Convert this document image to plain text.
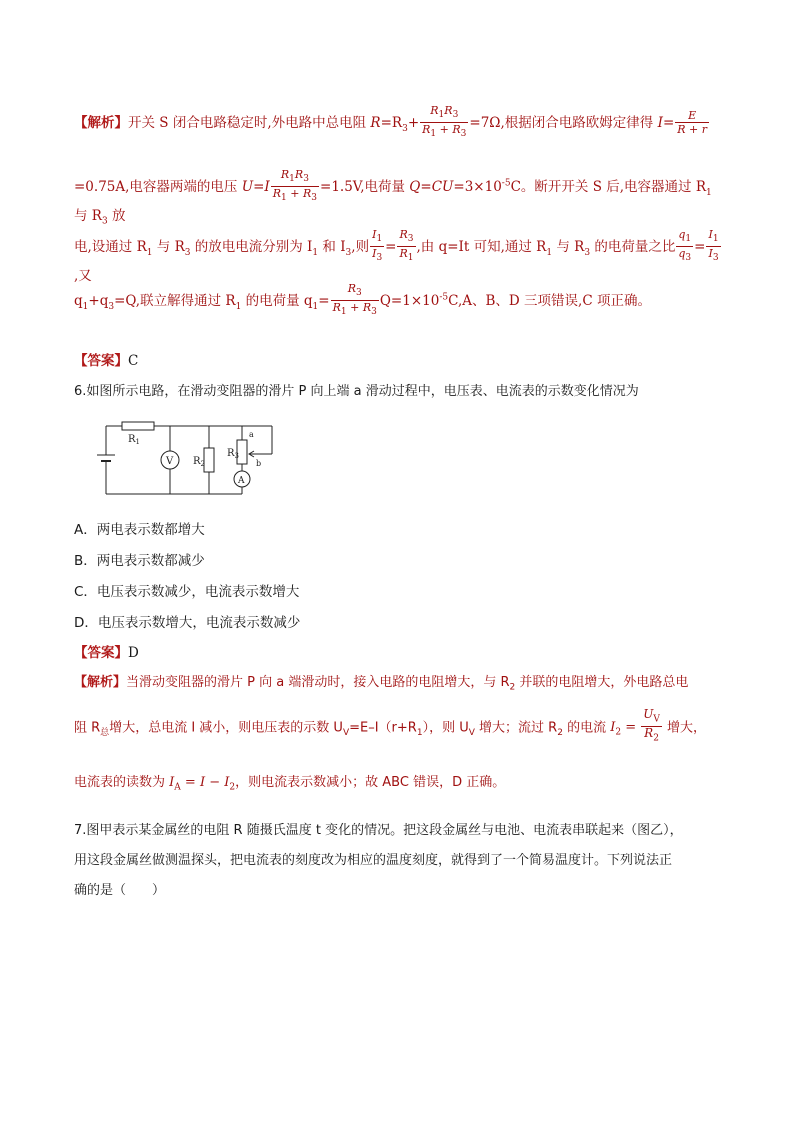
【解析】开关 S 闭合电路稳定时,外电路中总电阻 $R=R_3+ \frac{R_1R_3}{R_1 + R_3} =7\Omega$,根据闭合电路欧姆定律得 $I= \frac{E}{R + r}$
=0.75A,电容器两端的电压 $U=I \frac{R_1R_3}{R_1 + R_3} =1.5V$,电荷量 $Q=CU=3\times 10^{-5}C$。断开开关 S 后,电容器通过 $R_1$ 与 $R_3$ 放
电,设通过 $R_1$ 与 $R_3$ 的放电电流分别为 $I_1$ 和 $I_3$,则 $\frac{I_1}{I_3} = \frac{R_3}{R_1}$ ,由 q=It 可知,通过 $R_1$ 与 $R_3$ 的电荷量之比 $\frac{q_1}{q_3} = \frac{I_1}{I_3}$
,又
$q_1+q_3=Q$,联立解得通过 $R_1$ 的电荷量 $q_1= \frac{R_3}{R_1 + R_3} Q=1\times 10^{-5}C,A$、B、D 三项错误,C 项正确。
【答案】C
6.如图所示电路，在滑动变阻器的滑片 P 向上端 a 滑动过程中，电压表、电流表的示数变化情况为
$R_1$
V $R_2$
$R_3$
A
a
b
A．两电表示数都增大
B．两电表示数都减少
C．电压表示数减少，电流表示数增大
D．电压表示数增大，电流表示数减少
【答案】D
【解析】当滑动变阻器的滑片 P 向 a 端滑动时，接入电路的电阻增大，与 $R_2$ 并联的电阻增大，外电路总电
阻 $R_总$增大，总电流 I 减小，则电压表的示数 $U_V=E-I(r+R_1)$，则 $U_V$ 增大；流过 $R_2$ 的电流 $I_2 = \frac{U_V}{R_2}$ 增大，
电流表的读数为 $I_A = I - I_2$，则电流表示数减小；故 ABC 错误，D 正确。
7.图甲表示某金属丝的电阻 R 随摄氏温度 t 变化的情况。把这段金属丝与电池、电流表串联起来（图乙），
用这段金属丝做测温探头，把电流表的刻度改为相应的温度刻度，就得到了一个简易温度计。下列说法正
确的是（　　）
